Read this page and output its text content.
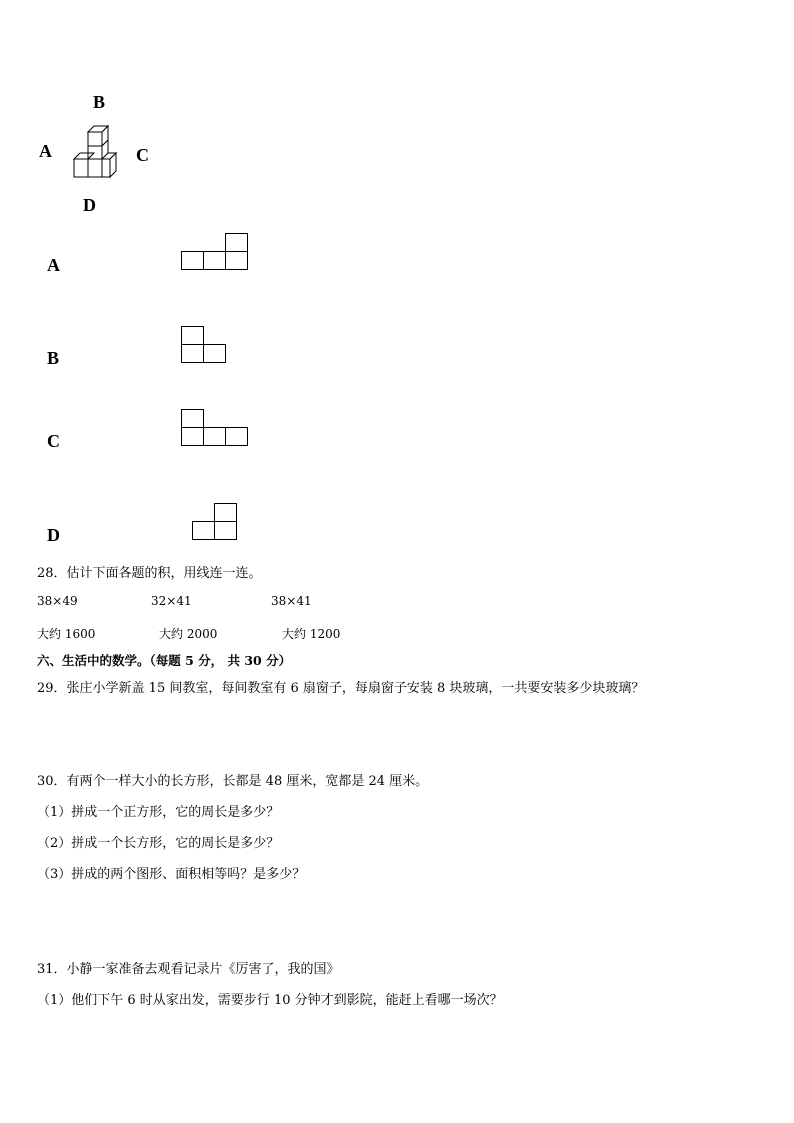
B
A	C
D
A
B
C
D
28．估计下面各题的积，用线连一连。
38×49	32×41	38×41
大约 1600	大约 2000	大约 1200
六、生活中的数学。（每题 5 分， 共 30 分）
29．张庄小学新盖 15 间教室，每间教室有 6 扇窗子，每扇窗子安装 8 块玻璃，一共要安装多少块玻璃？
30．有两个一样大小的长方形，长都是 48 厘米，宽都是 24 厘米。
（1）拼成一个正方形，它的周长是多少？
（2）拼成一个长方形，它的周长是多少？
（3）拼成的两个图形、面积相等吗？是多少？
31．小静一家准备去观看记录片《厉害了，我的国》
（1）他们下午 6 时从家出发，需要步行 10 分钟才到影院，能赶上看哪一场次？
